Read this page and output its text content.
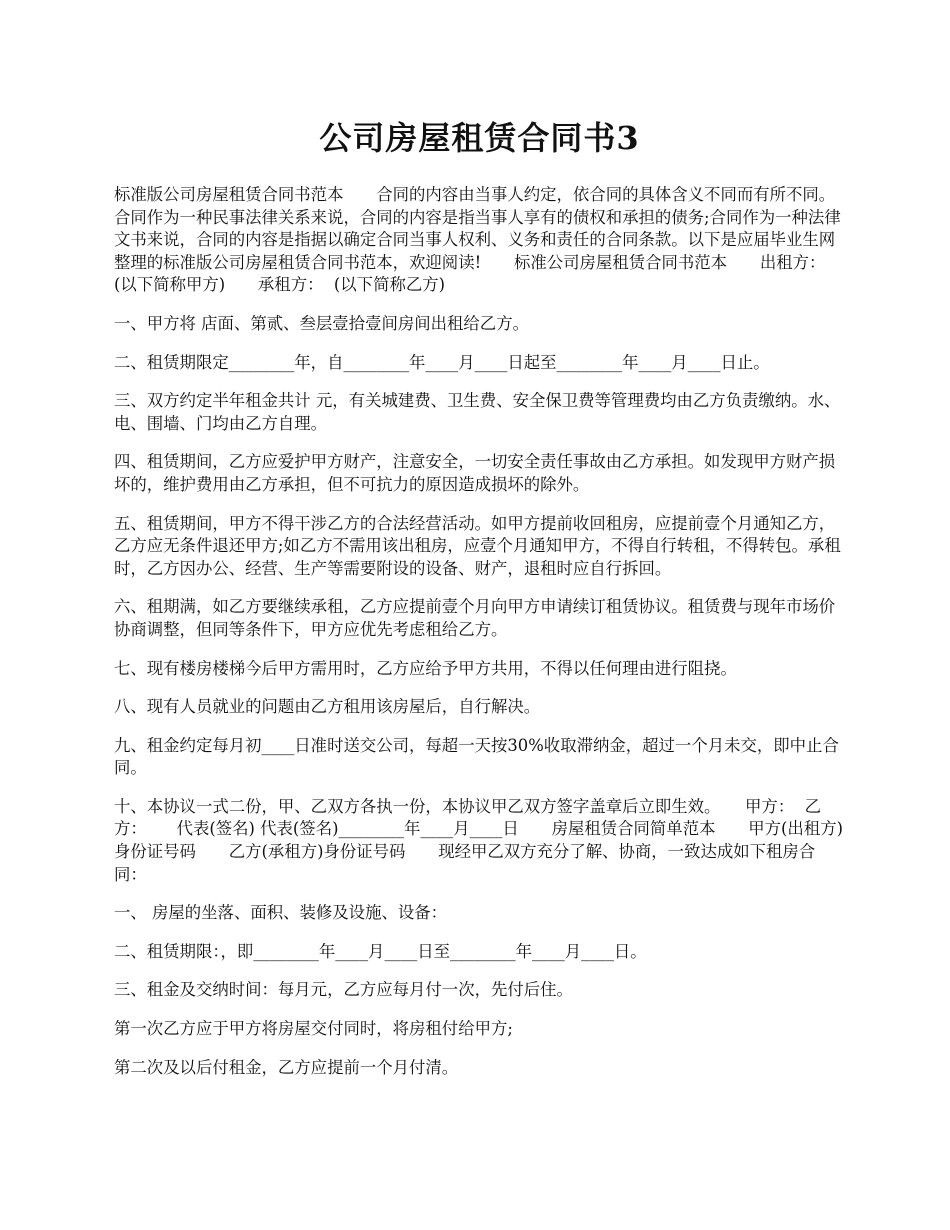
公司房屋租赁合同书3

标准版公司房屋租赁合同书范本　　合同的内容由当事人约定，依合同的具体含义不同而有所不同。合同作为一种民事法律关系来说，合同的内容是指当事人享有的债权和承担的债务;合同作为一种法律文书来说，合同的内容是指据以确定合同当事人权利、义务和责任的合同条款。以下是应届毕业生网整理的标准版公司房屋租赁合同书范本，欢迎阅读!　　标准公司房屋租赁合同书范本　　出租方：  (以下简称甲方)　　承租方：  (以下简称乙方)

一、甲方将 店面、第贰、叁层壹拾壹间房间出租给乙方。

二、租赁期限定________年，自________年____月____日起至________年____月____日止。

三、双方约定半年租金共计 元，有关城建费、卫生费、安全保卫费等管理费均由乙方负责缴纳。水、电、围墙、门均由乙方自理。

四、租赁期间，乙方应爱护甲方财产，注意安全，一切安全责任事故由乙方承担。如发现甲方财产损坏的，维护费用由乙方承担，但不可抗力的原因造成损坏的除外。

五、租赁期间，甲方不得干涉乙方的合法经营活动。如甲方提前收回租房，应提前壹个月通知乙方，乙方应无条件退还甲方;如乙方不需用该出租房，应壹个月通知甲方，不得自行转租，不得转包。承租时，乙方因办公、经营、生产等需要附设的设备、财产，退租时应自行拆回。

六、租期满，如乙方要继续承租，乙方应提前壹个月向甲方申请续订租赁协议。租赁费与现年市场价协商调整，但同等条件下，甲方应优先考虑租给乙方。

七、现有楼房楼梯今后甲方需用时，乙方应给予甲方共用，不得以任何理由进行阻挠。

八、现有人员就业的问题由乙方租用该房屋后，自行解决。

九、租金约定每月初____日准时送交公司，每超一天按30%收取滞纳金，超过一个月未交，即中止合同。

十、本协议一式二份，甲、乙双方各执一份，本协议甲乙双方签字盖章后立即生效。　　甲方：  乙方：　　 代表(签名) 代表(签名)________年____月____日　　房屋租赁合同简单范本　　甲方(出租方)身份证号码　　乙方(承租方)身份证号码　　现经甲乙双方充分了解、协商，一致达成如下租房合同：

一、 房屋的坐落、面积、装修及设施、设备：

二、租赁期限：，即________年____月____日至________年____月____日。

三、租金及交纳时间：每月元，乙方应每月付一次，先付后住。

第一次乙方应于甲方将房屋交付同时，将房租付给甲方;

第二次及以后付租金，乙方应提前一个月付清。
